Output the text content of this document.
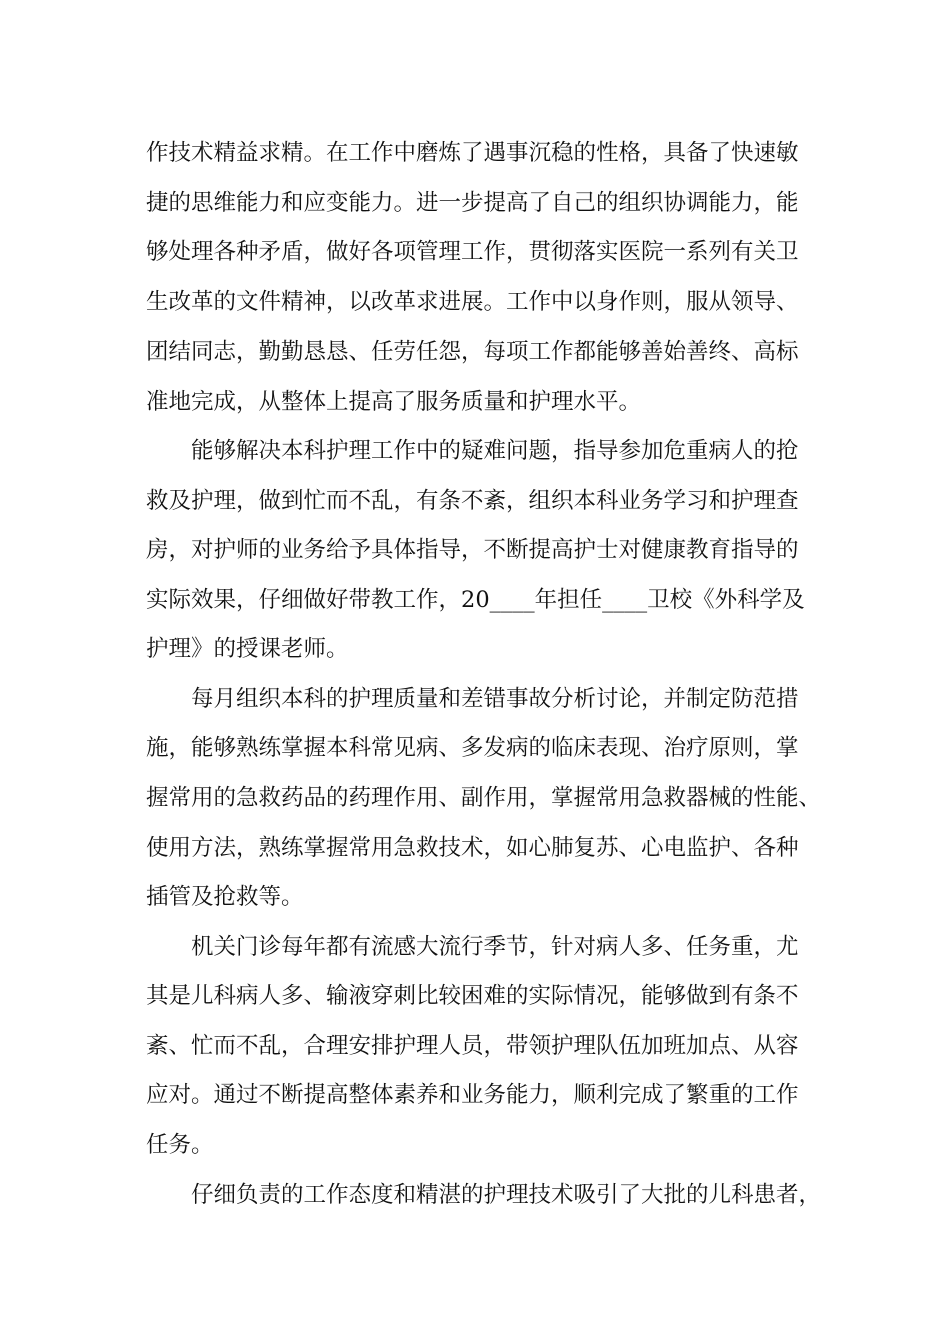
作技术精益求精。在工作中磨炼了遇事沉稳的性格，具备了快速敏

捷的思维能力和应变能力。进一步提高了自己的组织协调能力，能

够处理各种矛盾，做好各项管理工作，贯彻落实医院一系列有关卫

生改革的文件精神，以改革求进展。工作中以身作则，服从领导、

团结同志，勤勤恳恳、任劳任怨，每项工作都能够善始善终、高标

准地完成，从整体上提高了服务质量和护理水平。

能够解决本科护理工作中的疑难问题，指导参加危重病人的抢

救及护理，做到忙而不乱，有条不紊，组织本科业务学习和护理查

房，对护师的业务给予具体指导，不断提高护士对健康教育指导的

实际效果，仔细做好带教工作，20____年担任____卫校《外科学及

护理》的授课老师。

每月组织本科的护理质量和差错事故分析讨论，并制定防范措

施，能够熟练掌握本科常见病、多发病的临床表现、治疗原则，掌

握常用的急救药品的药理作用、副作用，掌握常用急救器械的性能、

使用方法，熟练掌握常用急救技术，如心肺复苏、心电监护、各种

插管及抢救等。

机关门诊每年都有流感大流行季节，针对病人多、任务重，尤

其是儿科病人多、输液穿刺比较困难的实际情况，能够做到有条不

紊、忙而不乱，合理安排护理人员，带领护理队伍加班加点、从容

应对。通过不断提高整体素养和业务能力，顺利完成了繁重的工作

任务。

仔细负责的工作态度和精湛的护理技术吸引了大批的儿科患者，
